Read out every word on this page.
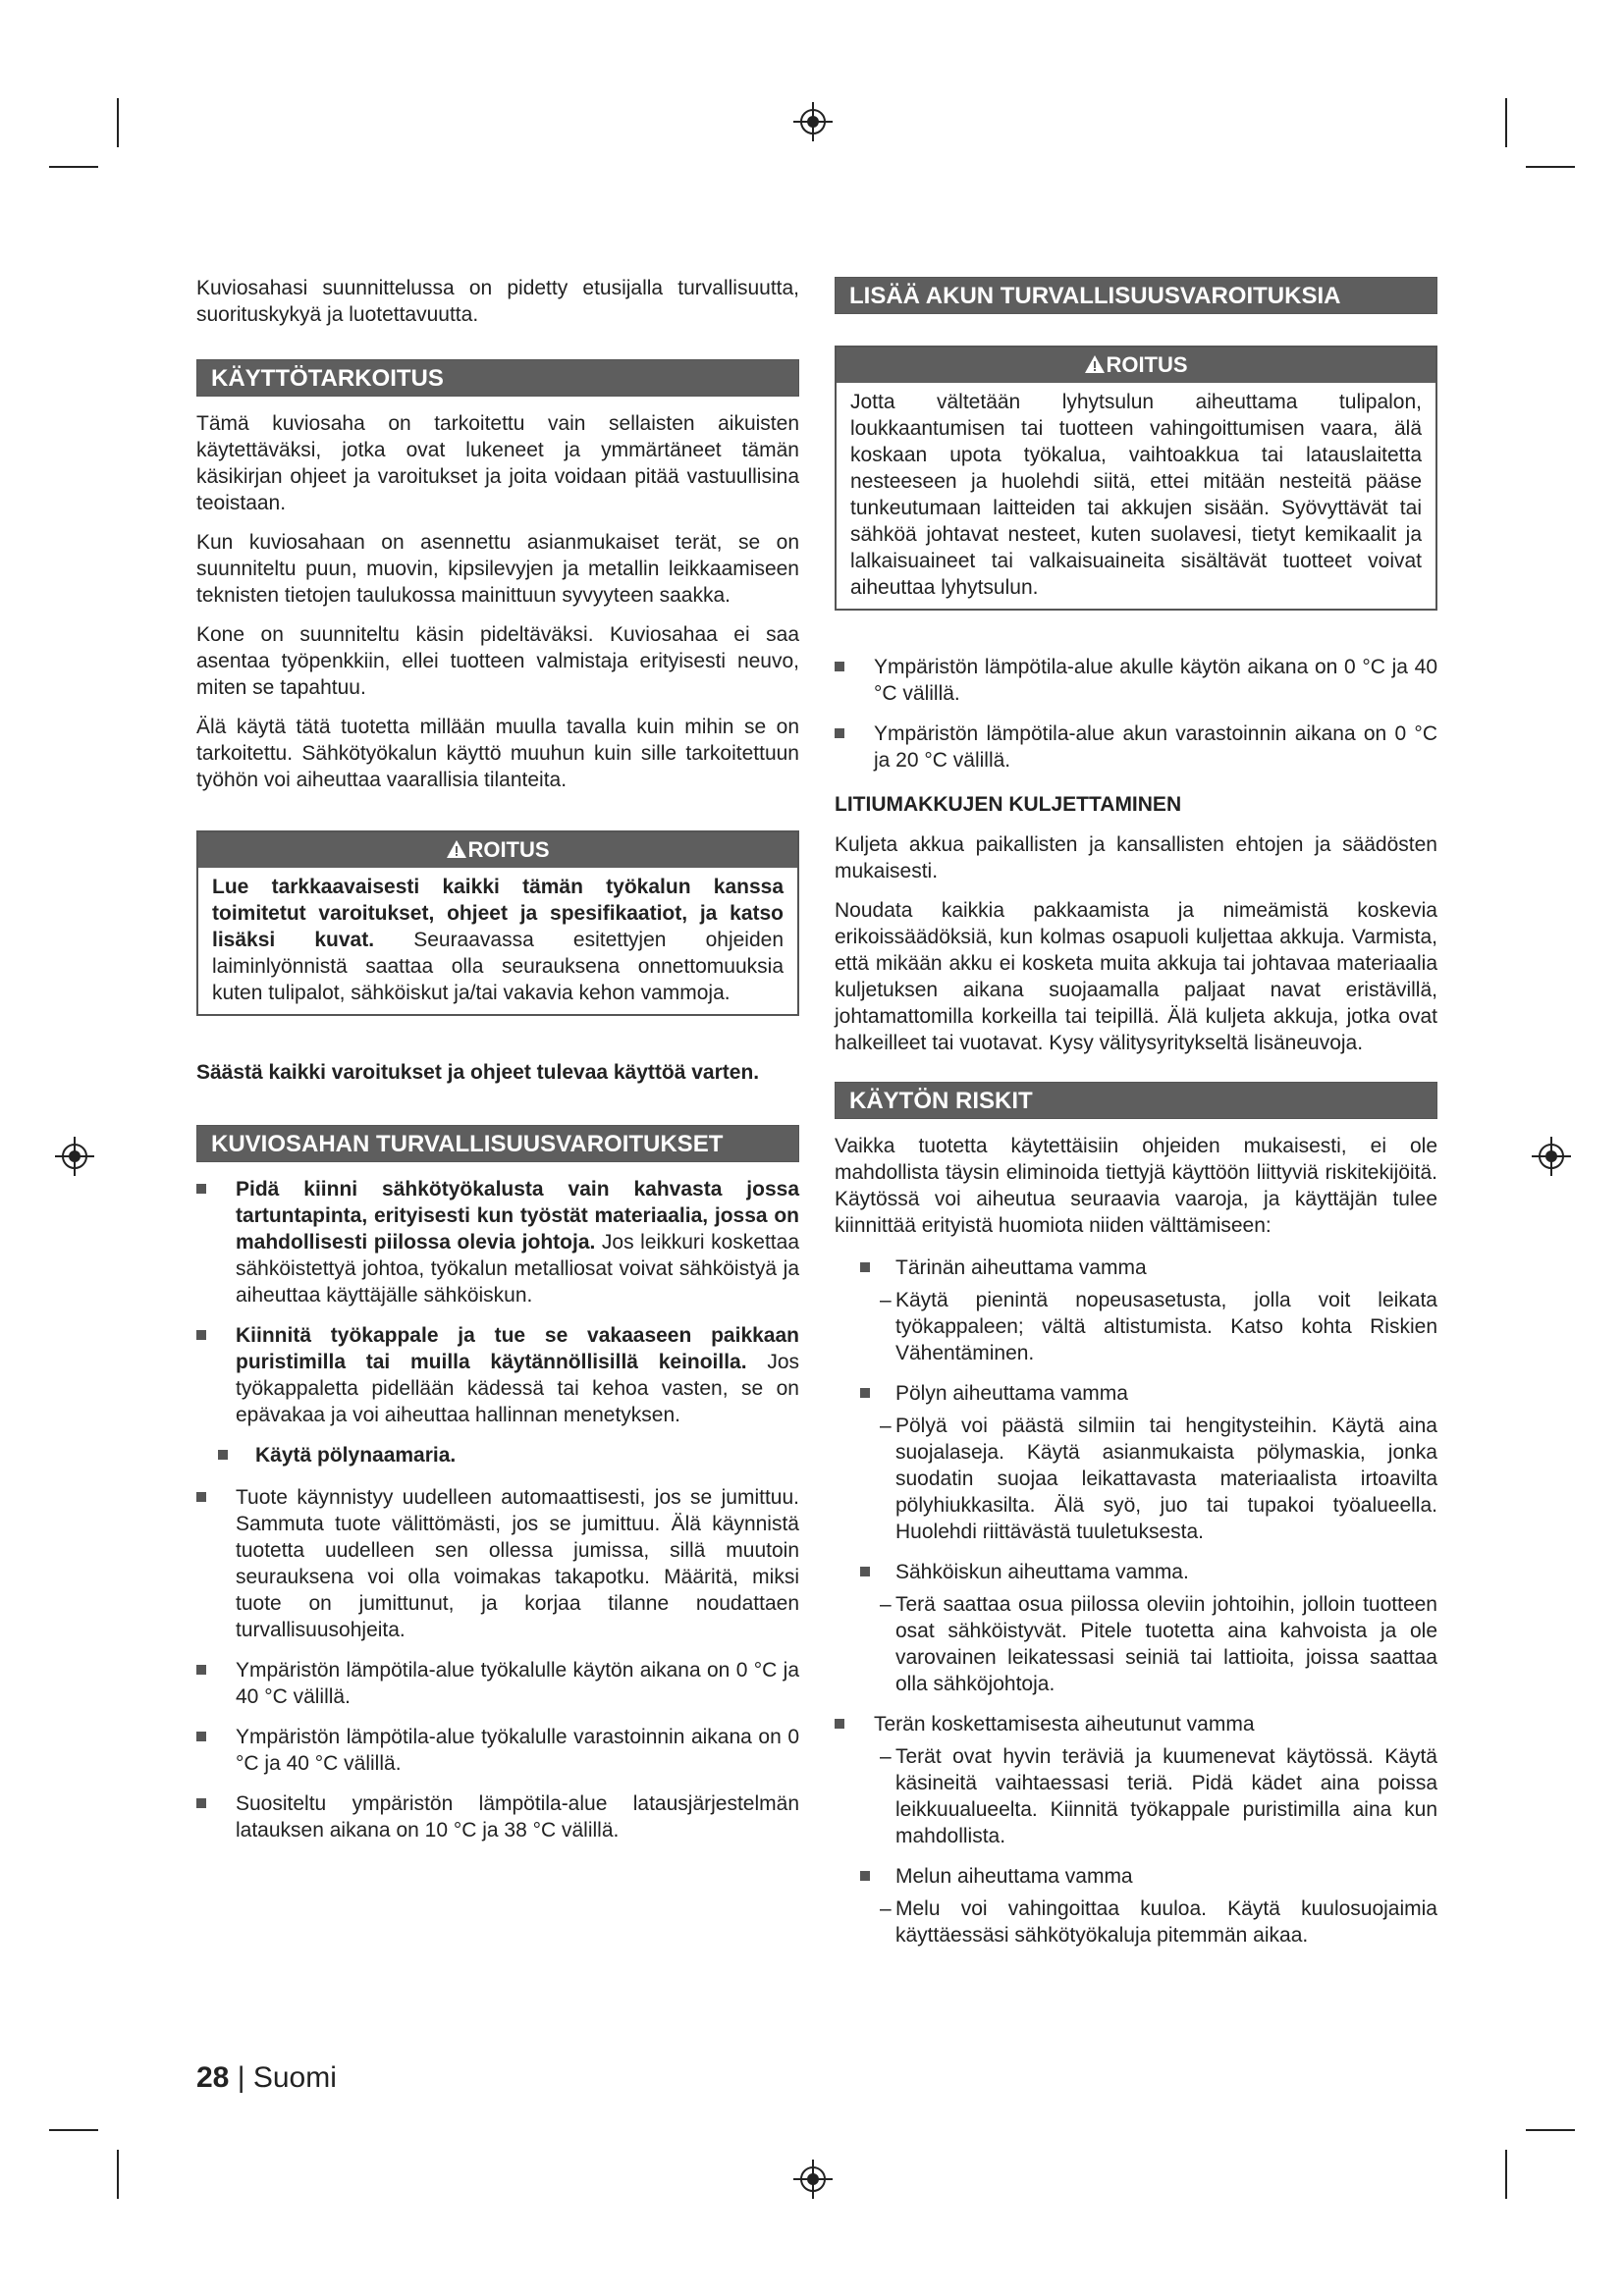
Kuviosahasi suunnittelussa on pidetty etusijalla turvallisuutta, suorituskykyä ja luotettavuutta.

KÄYTTÖTARKOITUS

Tämä kuviosaha on tarkoitettu vain sellaisten aikuisten käytettäväksi, jotka ovat lukeneet ja ymmärtäneet tämän käsikirjan ohjeet ja varoitukset ja joita voidaan pitää vastuullisina teoistaan.

Kun kuviosahaan on asennettu asianmukaiset terät, se on suunniteltu puun, muovin, kipsilevyjen ja metallin leikkaamiseen teknisten tietojen taulukossa mainittuun syvyyteen saakka.

Kone on suunniteltu käsin pideltäväksi. Kuviosahaa ei saa asentaa työpenkkiin, ellei tuotteen valmistaja erityisesti neuvo, miten se tapahtuu.

Älä käytä tätä tuotetta millään muulla tavalla kuin mihin se on tarkoitettu. Sähkötyökalun käyttö muuhun kuin sille tarkoitettuun työhön voi aiheuttaa vaarallisia tilanteita.

ROITUS
Lue tarkkaavaisesti kaikki tämän työkalun kanssa toimitetut varoitukset, ohjeet ja spesifikaatiot, ja katso lisäksi kuvat. Seuraavassa esitettyjen ohjeiden laiminlyönnistä saattaa olla seurauksena onnettomuuksia kuten tulipalot, sähköiskut ja/tai vakavia kehon vammoja.

Säästä kaikki varoitukset ja ohjeet tulevaa käyttöä varten.

KUVIOSAHAN TURVALLISUUSVAROITUKSET
Pidä kiinni sähkötyökalusta vain kahvasta jossa tartuntapinta, erityisesti kun työstät materiaalia, jossa on mahdollisesti piilossa olevia johtoja. Jos leikkuri koskettaa sähköistettyä johtoa, työkalun metalliosat voivat sähköistyä ja aiheuttaa käyttäjälle sähköiskun.
Kiinnitä työkappale ja tue se vakaaseen paikkaan puristimilla tai muilla käytännöllisillä keinoilla. Jos työkappaletta pidellään kädessä tai kehoa vasten, se on epävakaa ja voi aiheuttaa hallinnan menetyksen.
Käytä pölynaamaria.
Tuote käynnistyy uudelleen automaattisesti, jos se jumittuu. Sammuta tuote välittömästi, jos se jumittuu. Älä käynnistä tuotetta uudelleen sen ollessa jumissa, sillä muutoin seurauksena voi olla voimakas takapotku. Määritä, miksi tuote on jumittunut, ja korjaa tilanne noudattaen turvallisuusohjeita.
Ympäristön lämpötila-alue työkalulle käytön aikana on 0 °C ja 40 °C välillä.
Ympäristön lämpötila-alue työkalulle varastoinnin aikana on 0 °C ja 40 °C välillä.
Suositeltu ympäristön lämpötila-alue latausjärjestelmän latauksen aikana on 10 °C ja 38 °C välillä.
LISÄÄ AKUN TURVALLISUUSVAROITUKSIA
ROITUS
Jotta vältetään lyhytsulun aiheuttama tulipalon, loukkaantumisen tai tuotteen vahingoittumisen vaara, älä koskaan upota työkalua, vaihtoakkua tai latauslaitetta nesteeseen ja huolehdi siitä, ettei mitään nesteitä pääse tunkeutumaan laitteiden tai akkujen sisään. Syövyttävät tai sähköä johtavat nesteet, kuten suolavesi, tietyt kemikaalit ja lalkaisuaineet tai valkaisuaineita sisältävät tuotteet voivat aiheuttaa lyhytsulun.
Ympäristön lämpötila-alue akulle käytön aikana on 0 °C ja 40 °C välillä.
Ympäristön lämpötila-alue akun varastoinnin aikana on 0 °C ja 20 °C välillä.

LITIUMAKKUJEN KULJETTAMINEN

Kuljeta akkua paikallisten ja kansallisten ehtojen ja säädösten mukaisesti.

Noudata kaikkia pakkaamista ja nimeämistä koskevia erikoissäädöksiä, kun kolmas osapuoli kuljettaa akkuja. Varmista, että mikään akku ei kosketa muita akkuja tai johtavaa materiaalia kuljetuksen aikana suojaamalla paljaat navat eristävillä, johtamattomilla korkeilla tai teipillä. Älä kuljeta akkuja, jotka ovat halkeilleet tai vuotavat. Kysy välitysyritykseltä lisäneuvoja.

KÄYTÖN RISKIT

Vaikka tuotetta käytettäisiin ohjeiden mukaisesti, ei ole mahdollista täysin eliminoida tiettyjä käyttöön liittyviä riskitekijöitä. Käytössä voi aiheutua seuraavia vaaroja, ja käyttäjän tulee kiinnittää erityistä huomiota niiden välttämiseen:

Tärinän aiheuttama vamma
– Käytä pienintä nopeusasetusta, jolla voit leikata työkappaleen; vältä altistumista. Katso kohta Riskien Vähentäminen.
Pölyn aiheuttama vamma
– Pölyä voi päästä silmiin tai hengitysteihin. Käytä aina suojalaseja. Käytä asianmukaista pölymaskia, jonka suodatin suojaa leikattavasta materiaalista irtoavilta pölyhiukkasilta. Älä syö, juo tai tupakoi työalueella. Huolehdi riittävästä tuuletuksesta.
Sähköiskun aiheuttama vamma.
– Terä saattaa osua piilossa oleviin johtoihin, jolloin tuotteen osat sähköistyvät. Pitele tuotetta aina kahvoista ja ole varovainen leikatessasi seiniä tai lattioita, joissa saattaa olla sähköjohtoja.
Terän koskettamisesta aiheutunut vamma
– Terät ovat hyvin teräviä ja kuumenevat käytössä. Käytä käsineitä vaihtaessasi teriä. Pidä kädet aina poissa leikkuualueelta. Kiinnitä työkappale puristimilla aina kun mahdollista.
Melun aiheuttama vamma
– Melu voi vahingoittaa kuuloa. Käytä kuulosuojaimia käyttäessäsi sähkötyökaluja pitemmän aikaa.
28 | Suomi
